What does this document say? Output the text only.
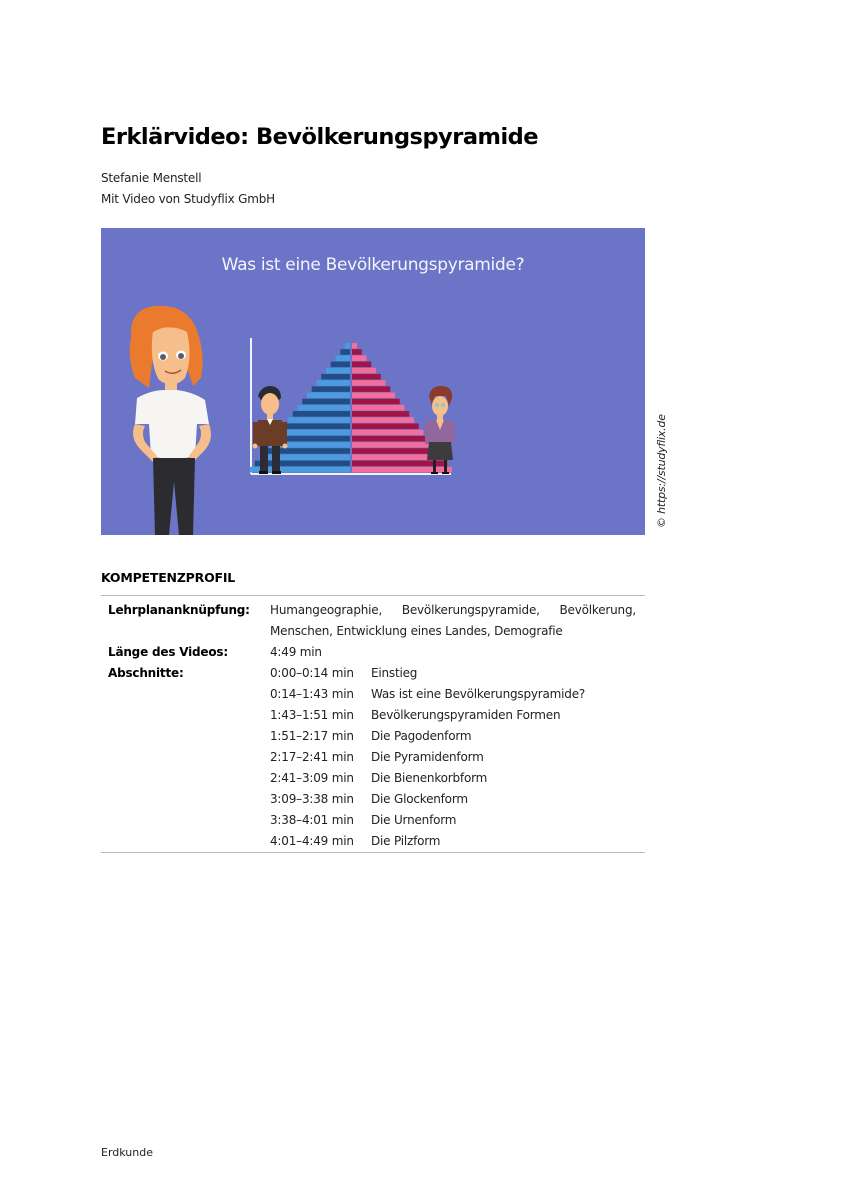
Erklärvideo: Bevölkerungspyramide
Stefanie Menstell
Mit Video von Studyflix GmbH
Was ist eine Bevölkerungspyramide?
© https://studyflix.de
KOMPETENZPROFIL
Lehrplananknüpfung:	Humangeographie, Bevölkerungspyramide, Bevölkerung,
Menschen, Entwicklung eines Landes, Demografie

Länge des Videos:	4:49 min
Abschnitte:	0:00–0:14 min	Einstieg
0:14–1:43 min	Was ist eine Bevölkerungspyramide?
1:43–1:51 min	Bevölkerungspyramiden Formen
1:51–2:17 min	Die Pagodenform
2:17–2:41 min	Die Pyramidenform
2:41–3:09 min	Die Bienenkorbform
3:09–3:38 min	Die Glockenform
3:38–4:01 min	Die Urnenform
4:01–4:49 min	Die Pilzform
Erdkunde
